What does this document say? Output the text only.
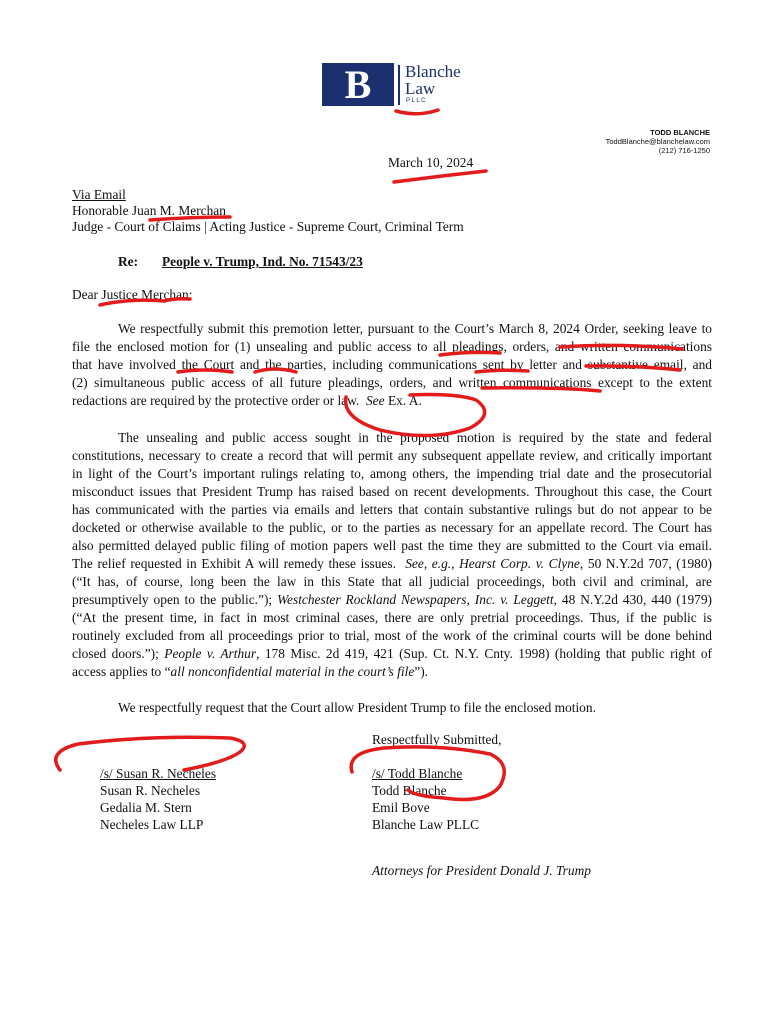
B	Blanche
Law
PLLC
TODD BLANCHE
ToddBlanche@blanchelaw.com
(212) 716-1250
March 10, 2024
Via Email
Honorable Juan M. Merchan
Judge - Court of Claims | Acting Justice - Supreme Court, Criminal Term
Re: People v. Trump, Ind. No. 71543/23
Dear Justice Merchan:

We respectfully submit this premotion letter, pursuant to the Court’s March 8, 2024 Order, seeking leave to

file the enclosed motion for (1) unsealing and public access to all pleadings, orders, and written communications

that have involved the Court and the parties, including communications sent by letter and substantive email, and

(2) simultaneous public access of all future pleadings, orders, and written communications except to the extent

redactions are required by the protective order or law. See Ex. A.

The unsealing and public access sought in the proposed motion is required by the state and federal

constitutions, necessary to create a record that will permit any subsequent appellate review, and critically important

in light of the Court’s important rulings relating to, among others, the impending trial date and the prosecutorial

misconduct issues that President Trump has raised based on recent developments. Throughout this case, the Court

has communicated with the parties via emails and letters that contain substantive rulings but do not appear to be

docketed or otherwise available to the public, or to the parties as necessary for an appellate record. The Court has

also permitted delayed public filing of motion papers well past the time they are submitted to the Court via email.

The relief requested in Exhibit A will remedy these issues. See, e.g., Hearst Corp. v. Clyne, 50 N.Y.2d 707, (1980)

(“It has, of course, long been the law in this State that all judicial proceedings, both civil and criminal, are

presumptively open to the public.”); Westchester Rockland Newspapers, Inc. v. Leggett, 48 N.Y.2d 430, 440 (1979)

(“At the present time, in fact in most criminal cases, there are only pretrial proceedings. Thus, if the public is

routinely excluded from all proceedings prior to trial, most of the work of the criminal courts will be done behind

closed doors.”); People v. Arthur, 178 Misc. 2d 419, 421 (Sup. Ct. N.Y. Cnty. 1998) (holding that public right of

access applies to “all nonconfidential material in the court’s file”).

We respectfully request that the Court allow President Trump to file the enclosed motion.
Respectfully Submitted,
/s/ Susan R. Necheles
Susan R. Necheles
Gedalia M. Stern
Necheles Law LLP
/s/ Todd Blanche
Todd Blanche
Emil Bove
Blanche Law PLLC
Attorneys for President Donald J. Trump
